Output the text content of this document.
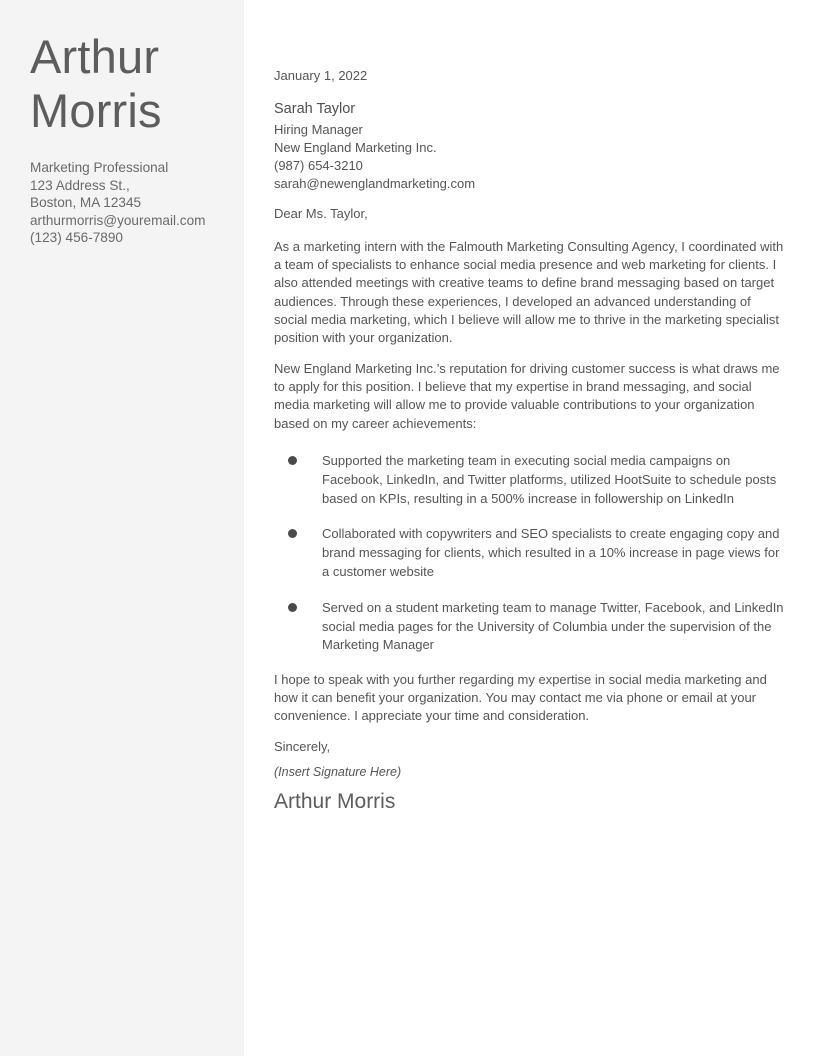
Arthur
Morris
Marketing Professional
123 Address St.,
Boston, MA 12345
arthurmorris@youremail.com
(123) 456-7890
January 1, 2022
Sarah Taylor
Hiring Manager
New England Marketing Inc.
(987) 654-3210
sarah@newenglandmarketing.com
Dear Ms. Taylor,

As a marketing intern with the Falmouth Marketing Consulting Agency, I coordinated with a team of specialists to enhance social media presence and web marketing for clients. I also attended meetings with creative teams to define brand messaging based on target audiences. Through these experiences, I developed an advanced understanding of social media marketing, which I believe will allow me to thrive in the marketing specialist position with your organization.

New England Marketing Inc.’s reputation for driving customer success is what draws me to apply for this position. I believe that my expertise in brand messaging, and social media marketing will allow me to provide valuable contributions to your organization based on my career achievements:

Supported the marketing team in executing social media campaigns on Facebook, LinkedIn, and Twitter platforms, utilized HootSuite to schedule posts based on KPIs, resulting in a 500% increase in followership on LinkedIn
Collaborated with copywriters and SEO specialists to create engaging copy and brand messaging for clients, which resulted in a 10% increase in page views for a customer website
Served on a student marketing team to manage Twitter, Facebook, and LinkedIn social media pages for the University of Columbia under the supervision of the Marketing Manager

I hope to speak with you further regarding my expertise in social media marketing and how it can benefit your organization. You may contact me via phone or email at your convenience. I appreciate your time and consideration.

Sincerely,
(Insert Signature Here)
Arthur Morris
